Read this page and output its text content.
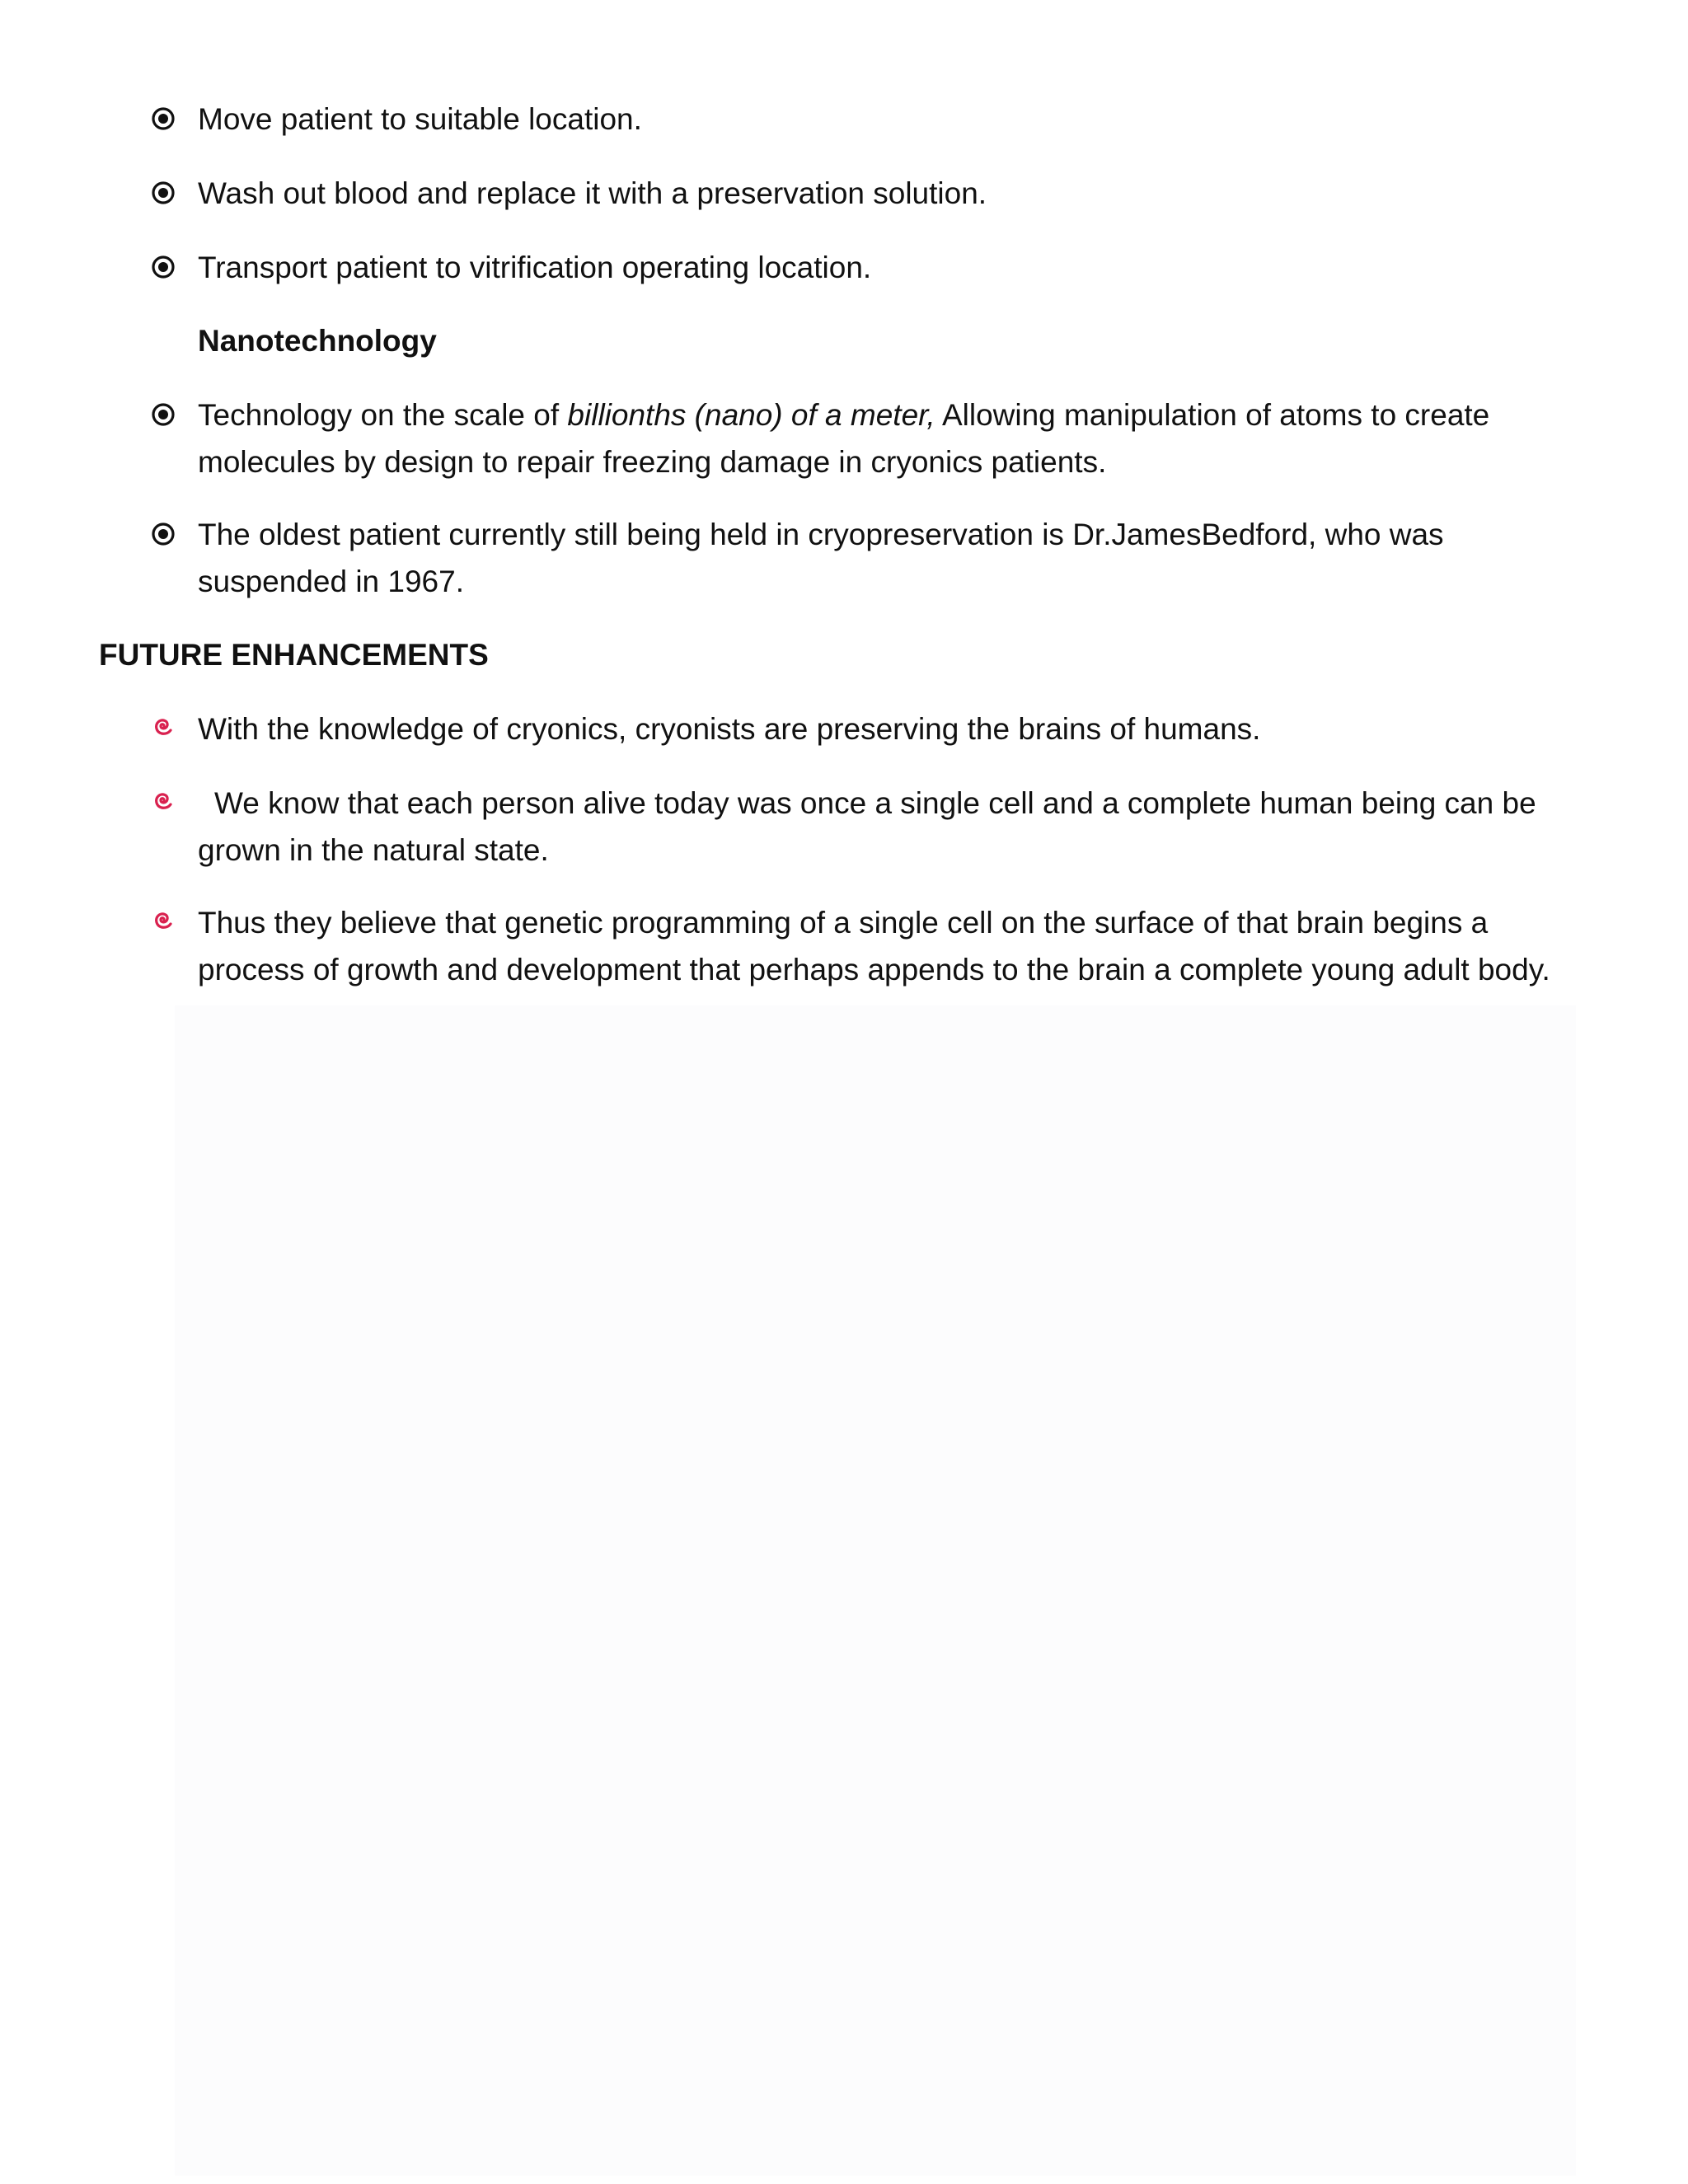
Move patient to suitable location.
Wash out blood and replace it with a preservation solution.
Transport patient to vitrification operating location.
Nanotechnology
Technology on the scale of billionths (nano) of a meter, Allowing manipulation of atoms to create molecules by design to repair freezing damage in cryonics patients.
The oldest patient currently still being held in cryopreservation is Dr.JamesBedford, who was suspended in 1967.
FUTURE ENHANCEMENTS
With the knowledge of cryonics, cryonists are preserving the brains of humans.
We know that each person alive today was once a single cell and a complete human being can be grown in the natural state.
Thus they believe that genetic programming of a single cell on the surface of that brain begins a process of growth and development that perhaps appends to the brain a complete young adult body.
